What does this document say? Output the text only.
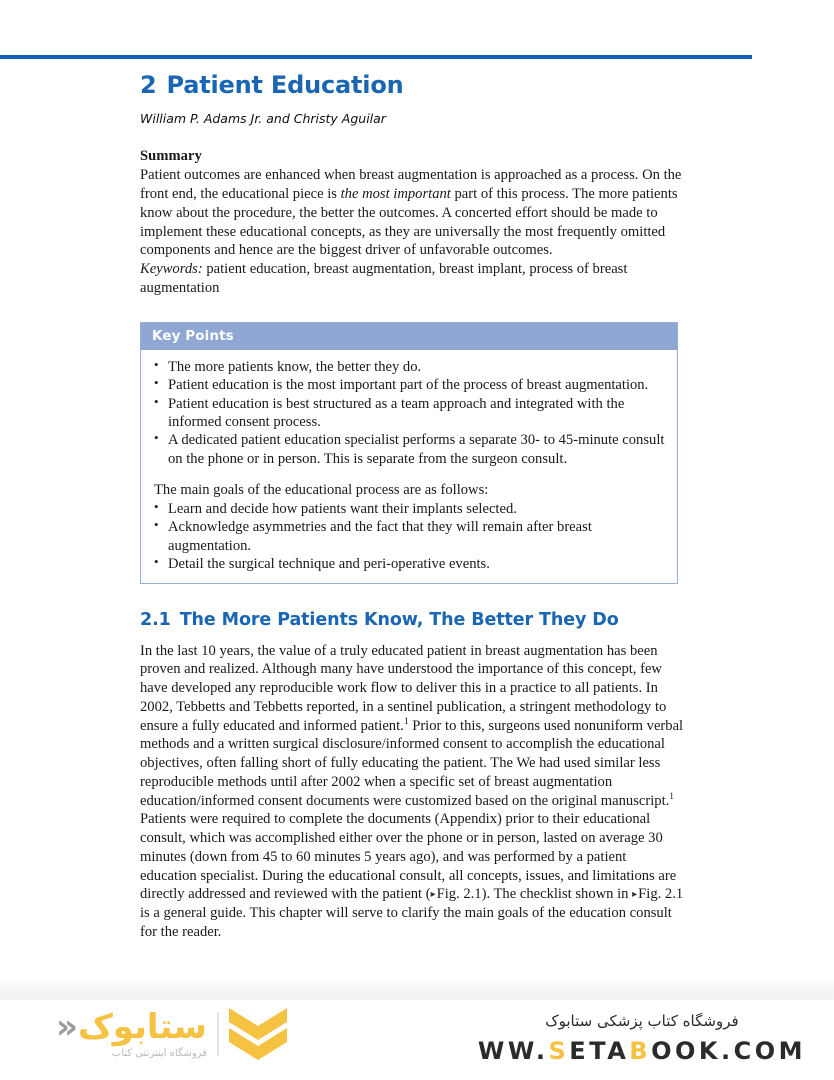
2 Patient Education
William P. Adams Jr. and Christy Aguilar
Summary

Patient outcomes are enhanced when breast augmentation is approached as a process. On the front end, the educational piece is the most important part of this process. The more patients know about the procedure, the better the outcomes. A concerted effort should be made to implement these educational concepts, as they are universally the most frequently omitted components and hence are the biggest driver of unfavorable outcomes.

Keywords: patient education, breast augmentation, breast implant, process of breast augmentation

Key Points
• The more patients know, the better they do.
• Patient education is the most important part of the process of breast augmentation.
• Patient education is best structured as a team approach and integrated with the informed consent process.
• A dedicated patient education specialist performs a separate 30- to 45-minute consult on the phone or in person. This is separate from the surgeon consult.

The main goals of the educational process are as follows:

• Learn and decide how patients want their implants selected.
• Acknowledge asymmetries and the fact that they will remain after breast augmentation.
• Detail the surgical technique and peri-operative events.
2.1 The More Patients Know, The Better They Do

In the last 10 years, the value of a truly educated patient in breast augmentation has been proven and realized. Although many have understood the importance of this concept, few have developed any reproducible work flow to deliver this in a practice to all patients. In 2002, Tebbetts and Tebbetts reported, in a sentinel publication, a stringent methodology to ensure a fully educated and informed patient.$^1$ Prior to this, surgeons used nonuniform verbal methods and a written surgical disclosure/informed consent to accomplish the educational objectives, often falling short of fully educating the patient. The We had used similar less reproducible methods until after 2002 when a specific set of breast augmentation education/informed consent documents were customized based on the original manuscript.$^1$ Patients were required to complete the documents (Appendix) prior to their educational consult, which was accomplished either over the phone or in person, lasted on average 30 minutes (down from 45 to 60 minutes 5 years ago), and was performed by a patient education specialist. During the educational consult, all concepts, issues, and limitations are directly addressed and reviewed with the patient ( ▸ Fig. 2.1). The checklist shown in ▸ Fig. 2.1 is a general guide. This chapter will serve to clarify the main goals of the education consult for the reader.

ستابوک«
فروشگاه اینترنتی کتاب
فروشگاه کتاب پزشکی ستابوک
WW.SETABOOK.COM
